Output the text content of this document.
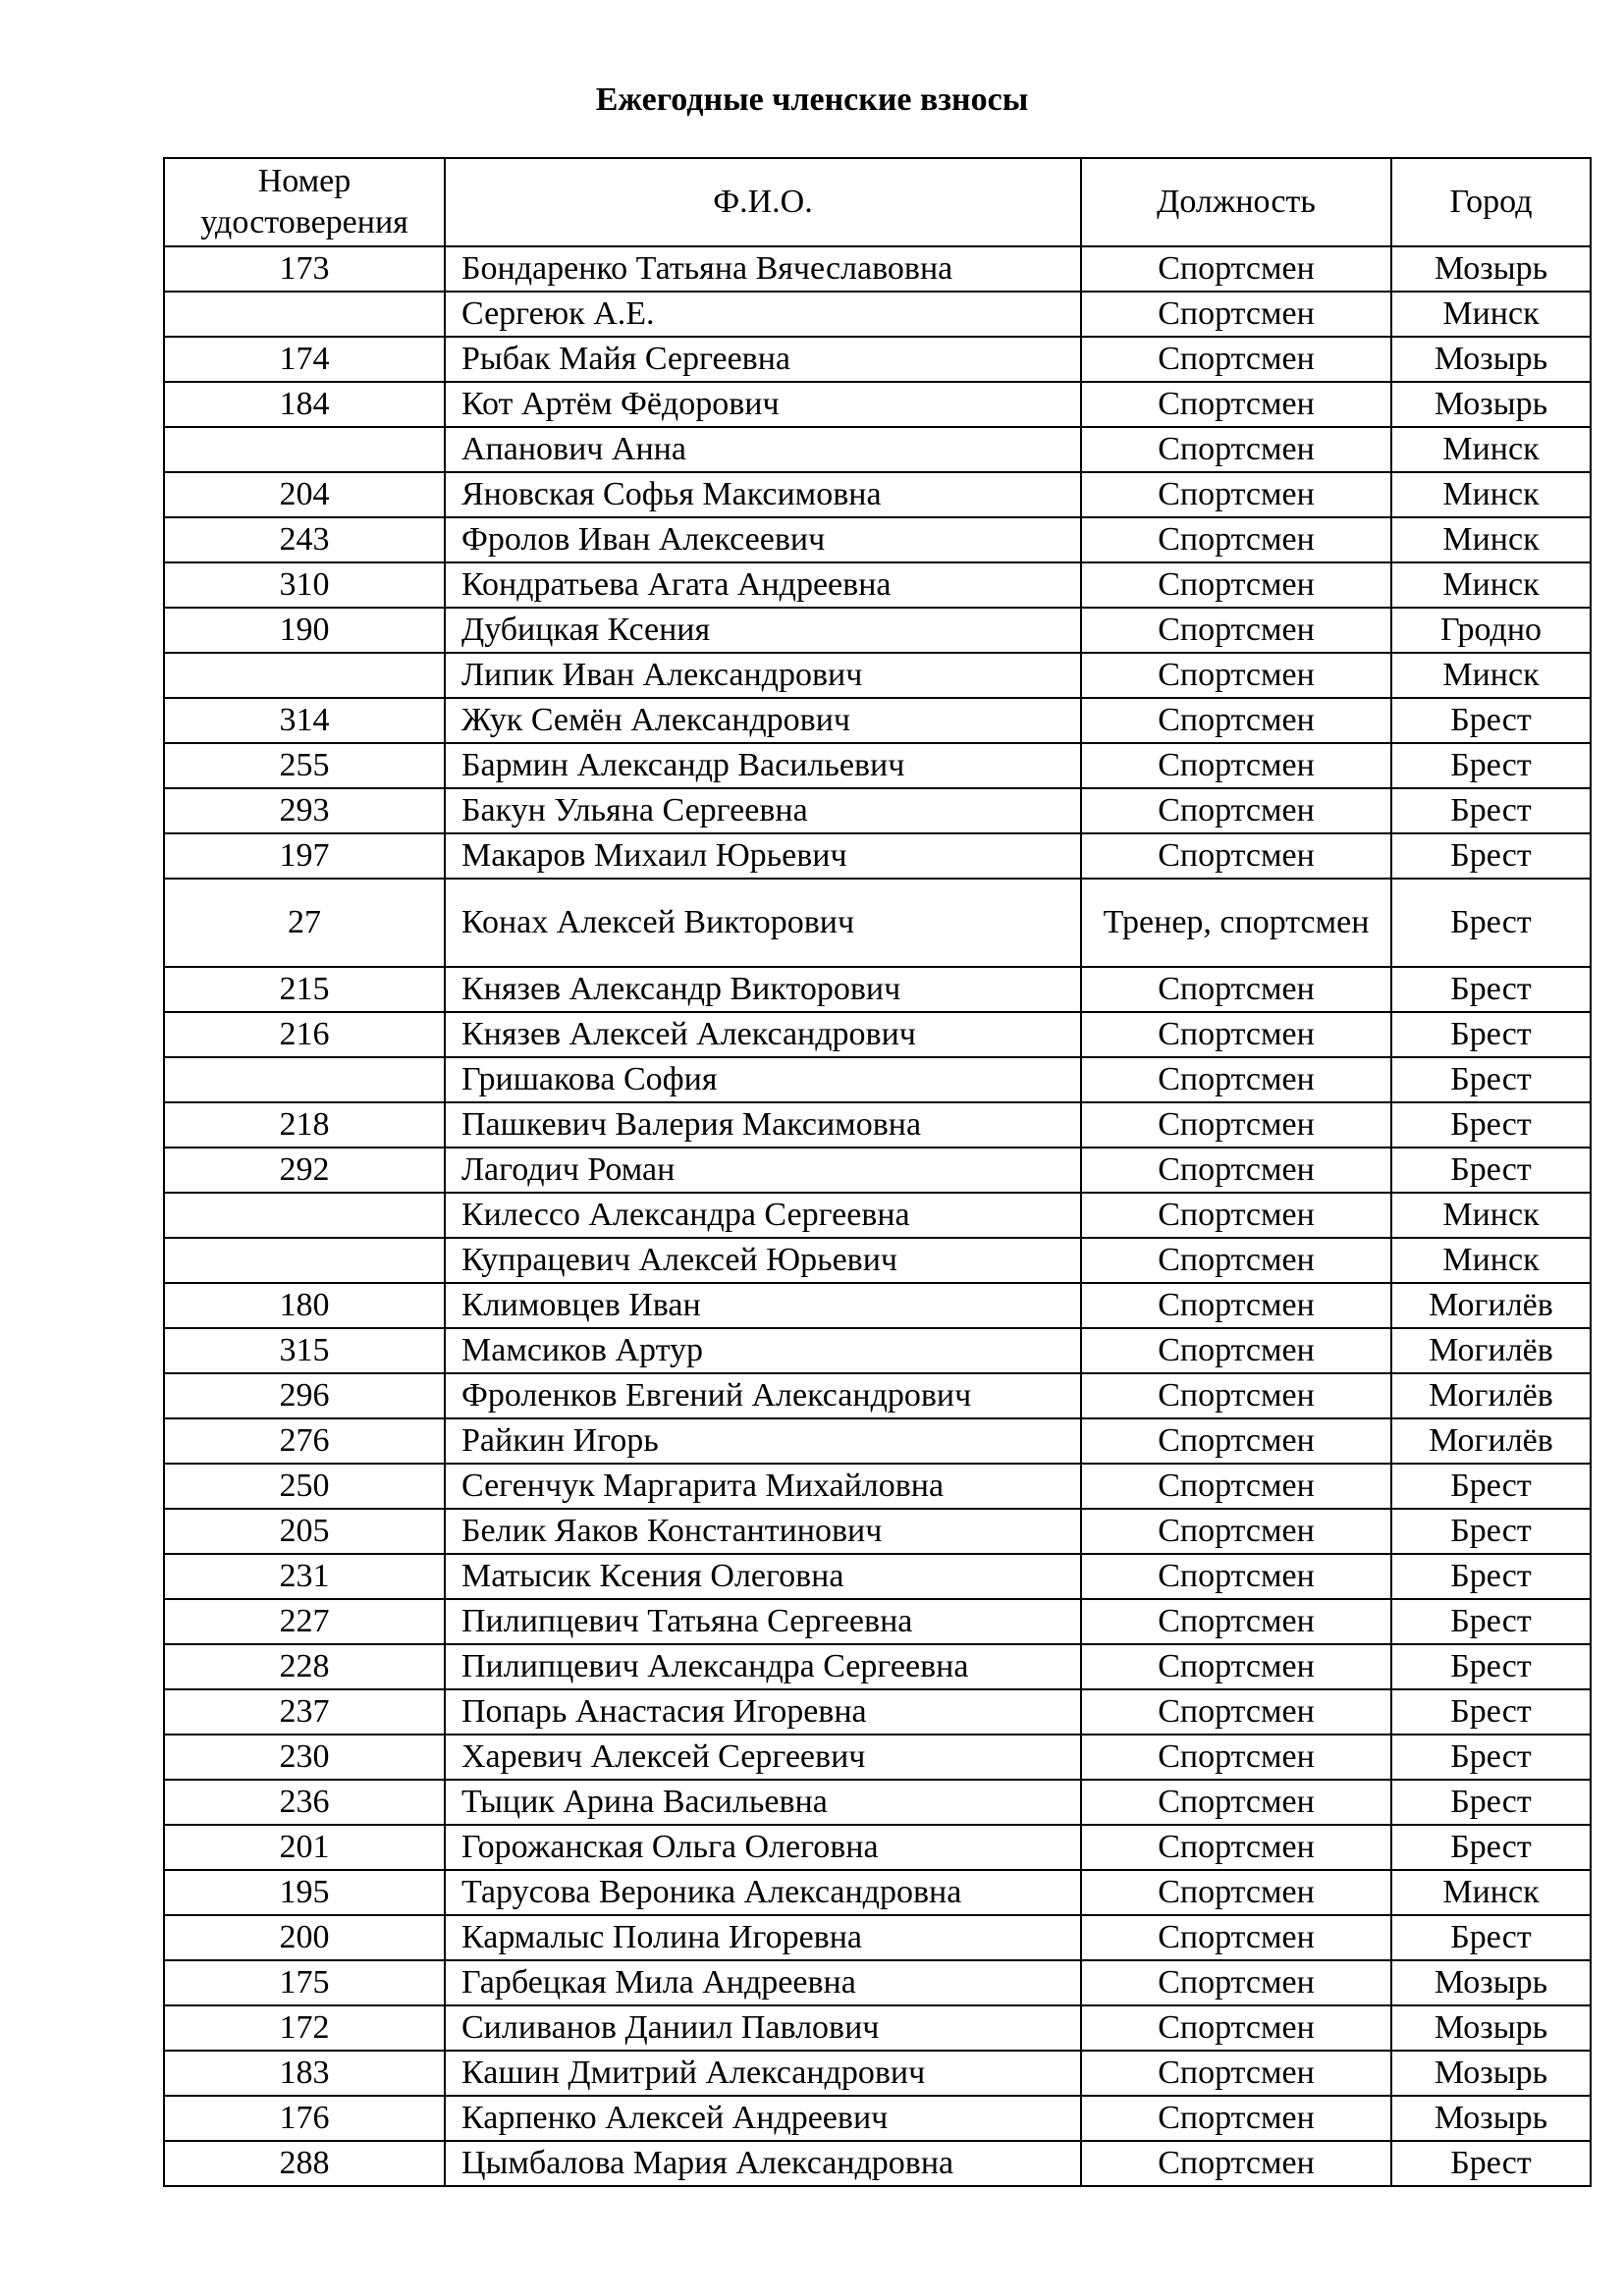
Ежегодные членские взносы
Номер удостоверения	Ф.И.О.	Должность	Город
173	Бондаренко Татьяна Вячеславовна	Спортсмен	Мозырь
	Сергеюк А.Е.	Спортсмен	Минск
174	Рыбак Майя Сергеевна	Спортсмен	Мозырь
184	Кот Артём Фёдорович	Спортсмен	Мозырь
	Апанович Анна	Спортсмен	Минск
204	Яновская Софья Максимовна	Спортсмен	Минск
243	Фролов Иван Алексеевич	Спортсмен	Минск
310	Кондратьева Агата Андреевна	Спортсмен	Минск
190	Дубицкая Ксения	Спортсмен	Гродно
	Липик Иван Александрович	Спортсмен	Минск
314	Жук Семён Александрович	Спортсмен	Брест
255	Бармин Александр Васильевич	Спортсмен	Брест
293	Бакун Ульяна Сергеевна	Спортсмен	Брест
197	Макаров Михаил Юрьевич	Спортсмен	Брест
27	Конах Алексей Викторович	Тренер, спортсмен	Брест
215	Князев Александр Викторович	Спортсмен	Брест
216	Князев Алексей Александрович	Спортсмен	Брест
	Гришакова София	Спортсмен	Брест
218	Пашкевич Валерия Максимовна	Спортсмен	Брест
292	Лагодич Роман	Спортсмен	Брест
	Килессо Александра Сергеевна	Спортсмен	Минск
	Купрацевич Алексей Юрьевич	Спортсмен	Минск
180	Климовцев Иван	Спортсмен	Могилёв
315	Мамсиков Артур	Спортсмен	Могилёв
296	Фроленков Евгений Александрович	Спортсмен	Могилёв
276	Райкин Игорь	Спортсмен	Могилёв
250	Сегенчук Маргарита Михайловна	Спортсмен	Брест
205	Белик Яаков Константинович	Спортсмен	Брест
231	Матысик Ксения Олеговна	Спортсмен	Брест
227	Пилипцевич Татьяна Сергеевна	Спортсмен	Брест
228	Пилипцевич Александра Сергеевна	Спортсмен	Брест
237	Попарь Анастасия Игоревна	Спортсмен	Брест
230	Харевич Алексей Сергеевич	Спортсмен	Брест
236	Тыцик Арина Васильевна	Спортсмен	Брест
201	Горожанская Ольга Олеговна	Спортсмен	Брест
195	Тарусова Вероника Александровна	Спортсмен	Минск
200	Кармалыс Полина Игоревна	Спортсмен	Брест
175	Гарбецкая Мила Андреевна	Спортсмен	Мозырь
172	Силиванов Даниил Павлович	Спортсмен	Мозырь
183	Кашин Дмитрий Александрович	Спортсмен	Мозырь
176	Карпенко Алексей Андреевич	Спортсмен	Мозырь
288	Цымбалова Мария Александровна	Спортсмен	Брест
